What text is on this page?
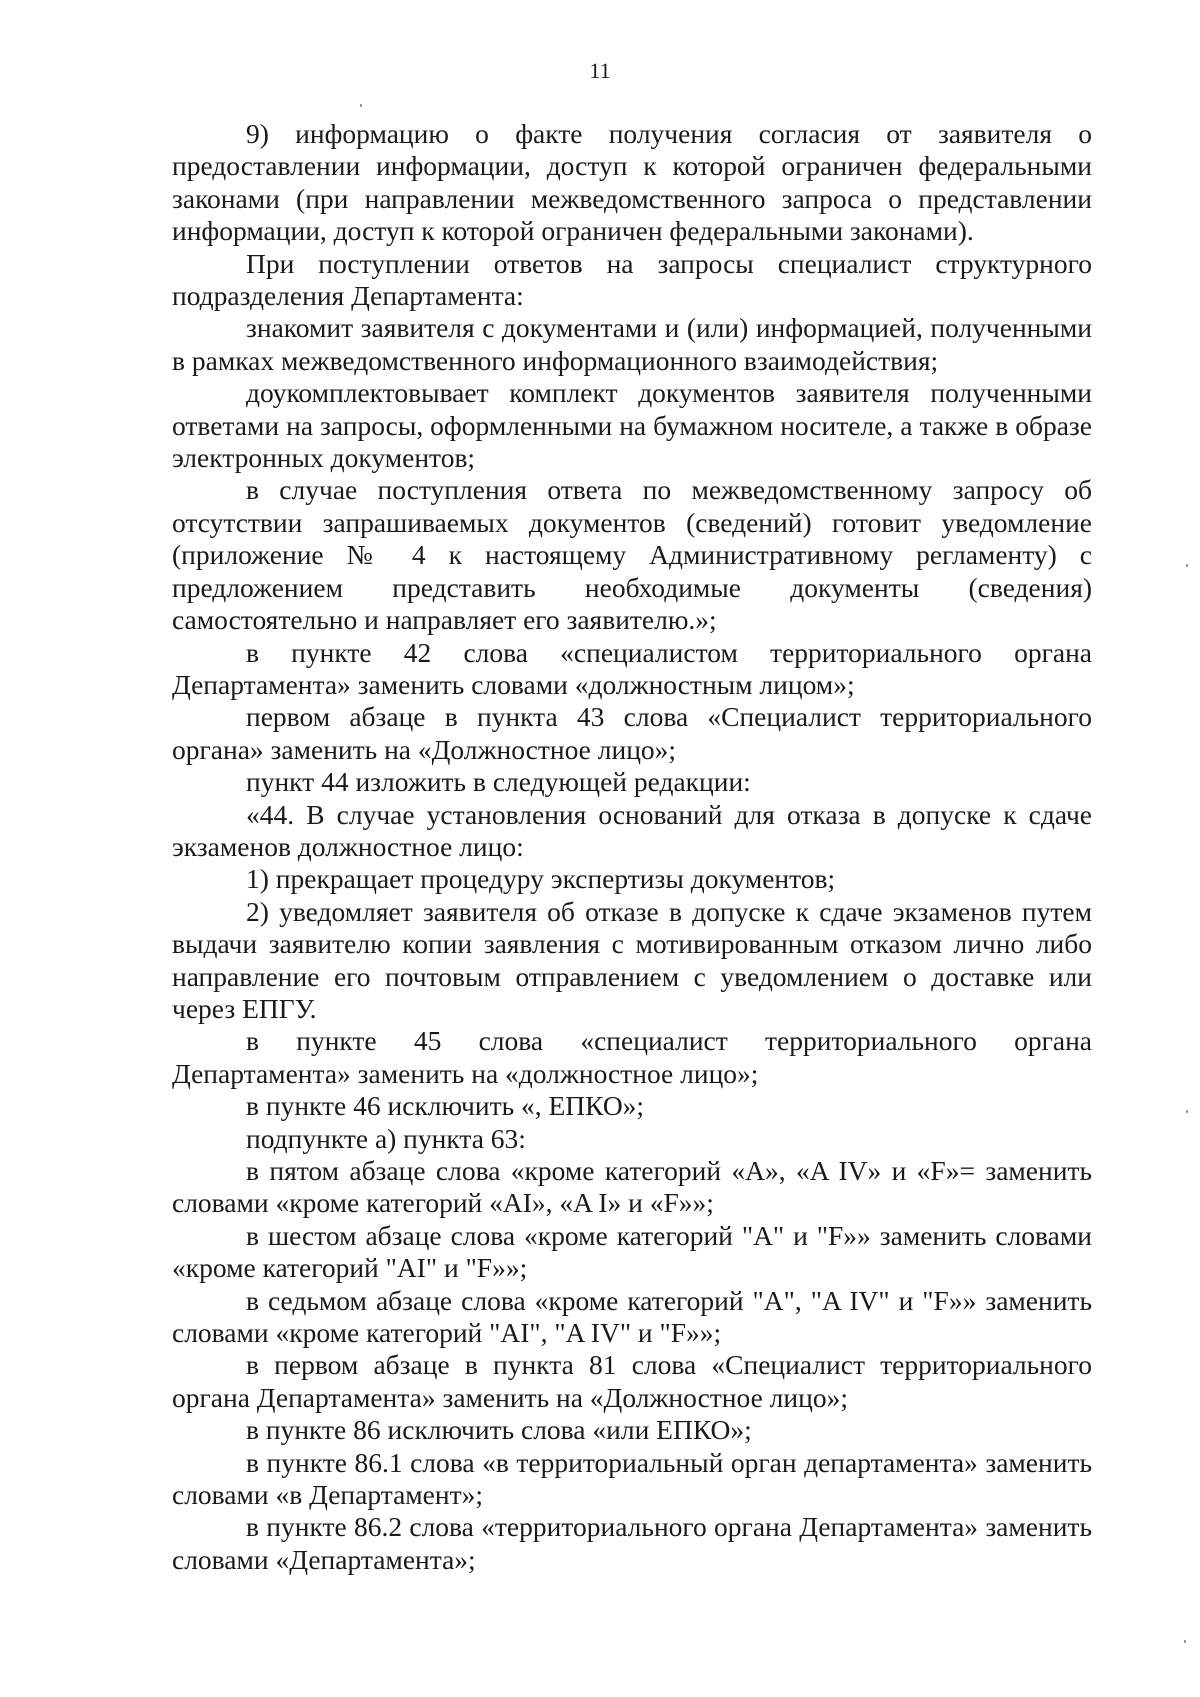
11

9) информацию о факте получения согласия от заявителя о предоставлении информации, доступ к которой ограничен федеральными законами (при направлении межведомственного запроса о представлении информации, доступ к которой ограничен федеральными законами).

При поступлении ответов на запросы специалист структурного подразделения Департамента:

знакомит заявителя с документами и (или) информацией, полученными в рамках межведомственного информационного взаимодействия;

доукомплектовывает комплект документов заявителя полученными ответами на запросы, оформленными на бумажном носителе, а также в образе электронных документов;

в случае поступления ответа по межведомственному запросу об отсутствии запрашиваемых документов (сведений) готовит уведомление (приложение № 4 к настоящему Административному регламенту) с предложением представить необходимые документы (сведения) самостоятельно и направляет его заявителю.»;

в пункте 42 слова «специалистом территориального органа Департамента» заменить словами «должностным лицом»;

первом абзаце в пункта 43 слова «Специалист территориального органа» заменить на «Должностное лицо»;

пункт 44 изложить в следующей редакции:

«44. В случае установления оснований для отказа в допуске к сдаче экзаменов должностное лицо:

1) прекращает процедуру экспертизы документов;

2) уведомляет заявителя об отказе в допуске к сдаче экзаменов путем выдачи заявителю копии заявления с мотивированным отказом лично либо направление его почтовым отправлением с уведомлением о доставке или через ЕПГУ.

в пункте 45 слова «специалист территориального органа Департамента» заменить на «должностное лицо»;

в пункте 46 исключить «, ЕПКО»;

подпункте а) пункта 63:

в пятом абзаце слова «кроме категорий «А», «A IV» и «F»= заменить словами «кроме категорий «AI», «A I» и «F»»;

в шестом абзаце слова «кроме категорий "A" и "F»» заменить словами «кроме категорий "AI" и "F»»;

в седьмом абзаце слова «кроме категорий "A", "A IV" и "F»» заменить словами «кроме категорий "AI", "A IV" и "F»»;

в первом абзаце в пункта 81 слова «Специалист территориального органа Департамента» заменить на «Должностное лицо»;

в пункте 86 исключить слова «или ЕПКО»;

в пункте 86.1 слова «в территориальный орган департамента» заменить словами «в Департамент»;

в пункте 86.2 слова «территориального органа Департамента» заменить словами «Департамента»;
